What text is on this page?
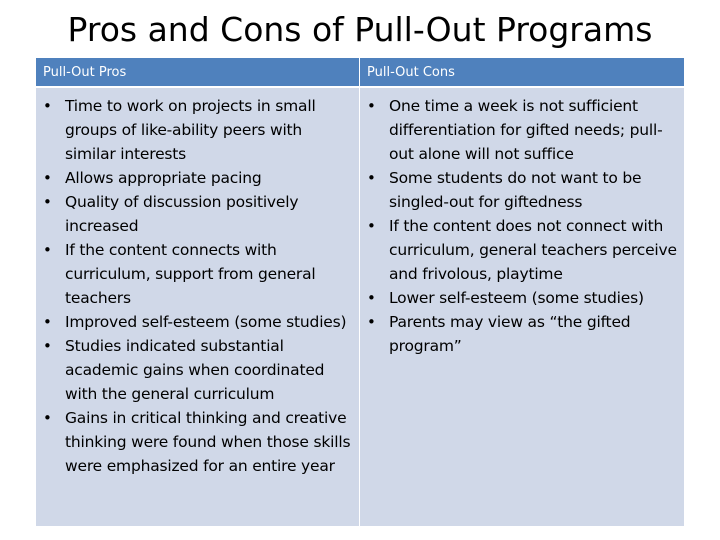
Pros and Cons of Pull-Out Programs
Pull-Out Pros	Pull-Out Cons
• Time to work on projects in small groups of like-ability peers with similar interests
• Allows appropriate pacing
• Quality of discussion positively increased
• If the content connects with curriculum, support from general teachers
• Improved self-esteem (some studies)
• Studies indicated substantial academic gains when coordinated with the general curriculum
• Gains in critical thinking and creative thinking were found when those skills were emphasized for an entire year
• One time a week is not sufficient differentiation for gifted needs; pull-out alone will not suffice
• Some students do not want to be singled-out for giftedness
• If the content does not connect with curriculum, general teachers perceive and frivolous, playtime
• Lower self-esteem (some studies)
• Parents may view as “the gifted program”
